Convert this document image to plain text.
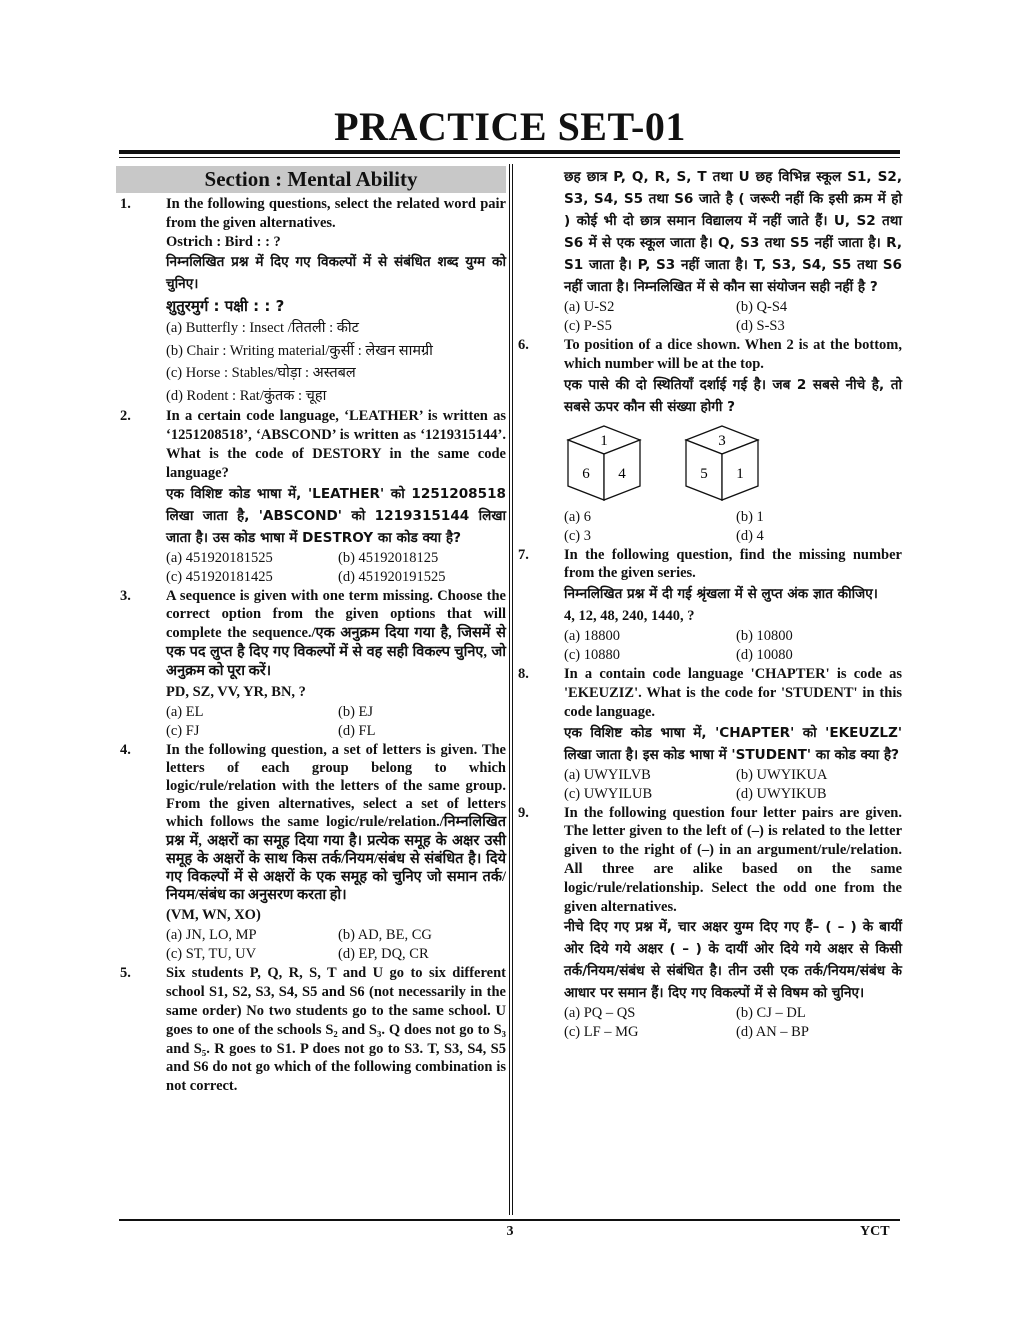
PRACTICE SET-01
Section : Mental Ability
1. In the following questions, select the related word pair from the given alternatives.
Ostrich : Bird : : ?
निम्नलिखित प्रश्न में दिए गए विकल्पों में से संबंधित शब्द युग्म को चुनिए।
शुतुरमुर्ग : पक्षी : : ?
(a) Butterfly : Insect /तितली : कीट
(b) Chair : Writing material/कुर्सी : लेखन सामग्री
(c) Horse : Stables/घोड़ा : अस्तबल
(d) Rodent : Rat/कुंतक : चूहा
2. In a certain code language, ‘LEATHER’ is written as ‘1251208518’, ‘ABSCOND’ is written as ‘1219315144’. What is the code of DESTORY in the same code language?
एक विशिष्ट कोड भाषा में, 'LEATHER' को 1251208518 लिखा जाता है, 'ABSCOND' को 1219315144 लिखा जाता है। उस कोड भाषा में DESTROY का कोड क्या है?
(a) 451920181525	(b) 45192018125
(c) 451920181425	(d) 451920191525
3. A sequence is given with one term missing. Choose the correct option from the given options that will complete the sequence./एक अनुक्रम दिया गया है, जिसमें से एक पद लुप्त है दिए गए विकल्पों में से वह सही विकल्प चुनिए, जो अनुक्रम को पूरा करें।
PD, SZ, VV, YR, BN, ?
(a) EL	(b) EJ
(c) FJ	(d) FL
4. In the following question, a set of letters is given. The letters of each group belong to which logic/rule/relation with the letters of the same group. From the given alternatives, select a set of letters which follows the same logic/rule/relation./निम्नलिखित प्रश्न में, अक्षरों का समूह दिया गया है। प्रत्येक समूह के अक्षर उसी समूह के अक्षरों के साथ किस तर्क/नियम/संबंध से संबंधित है। दिये गए विकल्पों में से अक्षरों के एक समूह को चुनिए जो समान तर्क/नियम/संबंध का अनुसरण करता हो।
(VM, WN, XO)
(a) JN, LO, MP	(b) AD, BE, CG
(c) ST, TU, UV	(d) EP, DQ, CR
5. Six students P, Q, R, S, T and U go to six different school S1, S2, S3, S4, S5 and S6 (not necessarily in the same order) No two students go to the same school. U goes to one of the schools S₂ and S₃. Q does not go to S₃ and S₅. R goes to S1. P does not go to S3. T, S3, S4, S5 and S6 do not go which of the following combination is not correct.
छह छात्र P, Q, R, S, T तथा U छह विभिन्न स्कूल S1, S2, S3, S4, S5 तथा S6 जाते है ( जरूरी नहीं कि इसी क्रम में हो ) कोई भी दो छात्र समान विद्यालय में नहीं जाते हैं। U, S2 तथा S6 में से एक स्कूल जाता है। Q, S3 तथा S5 नहीं जाता है। R, S1 जाता है। P, S3 नहीं जाता है। T, S3, S4, S5 तथा S6 नहीं जाता है। निम्नलिखित में से कौन सा संयोजन सही नहीं है ?
(a) U-S2	(b) Q-S4
(c) P-S5	(d) S-S3
6. To position of a dice shown. When 2 is at the bottom, which number will be at the top.
एक पासे की दो स्थितियाँ दर्शाई गई है। जब 2 सबसे नीचे है, तो सबसे ऊपर कौन सी संख्या होगी ?
1
6 4
3
5 1
(a) 6	(b) 1
(c) 3	(d) 4
7. In the following question, find the missing number from the given series.
निम्नलिखित प्रश्न में दी गई श्रृंखला में से लुप्त अंक ज्ञात कीजिए।
4, 12, 48, 240, 1440, ?
(a) 18800	(b) 10800
(c) 10880	(d) 10080
8. In a contain code language 'CHAPTER' is code as 'EKEUZIZ'. What is the code for 'STUDENT' in this code language.
एक विशिष्ट कोड भाषा में, 'CHAPTER' को 'EKEUZLZ' लिखा जाता है। इस कोड भाषा में 'STUDENT' का कोड क्या है?
(a) UWYILVB	(b) UWYIKUA
(c) UWYILUB	(d) UWYIKUB
9. In the following question four letter pairs are given. The letter given to the left of (–) is related to the letter given to the right of (–) in an argument/rule/relation. All three are alike based on the same logic/rule/relationship. Select the odd one from the given alternatives.
नीचे दिए गए प्रश्न में, चार अक्षर युग्म दिए गए हैं– ( – ) के बायीं ओर दिये गये अक्षर ( – ) के दायीं ओर दिये गये अक्षर से किसी तर्क/नियम/संबंध से संबंधित है। तीन उसी एक तर्क/नियम/संबंध के आधार पर समान हैं। दिए गए विकल्पों में से विषम को चुनिए।
(a) PQ – QS	(b) CJ – DL
(c) LF – MG	(d) AN – BP
3	YCT
